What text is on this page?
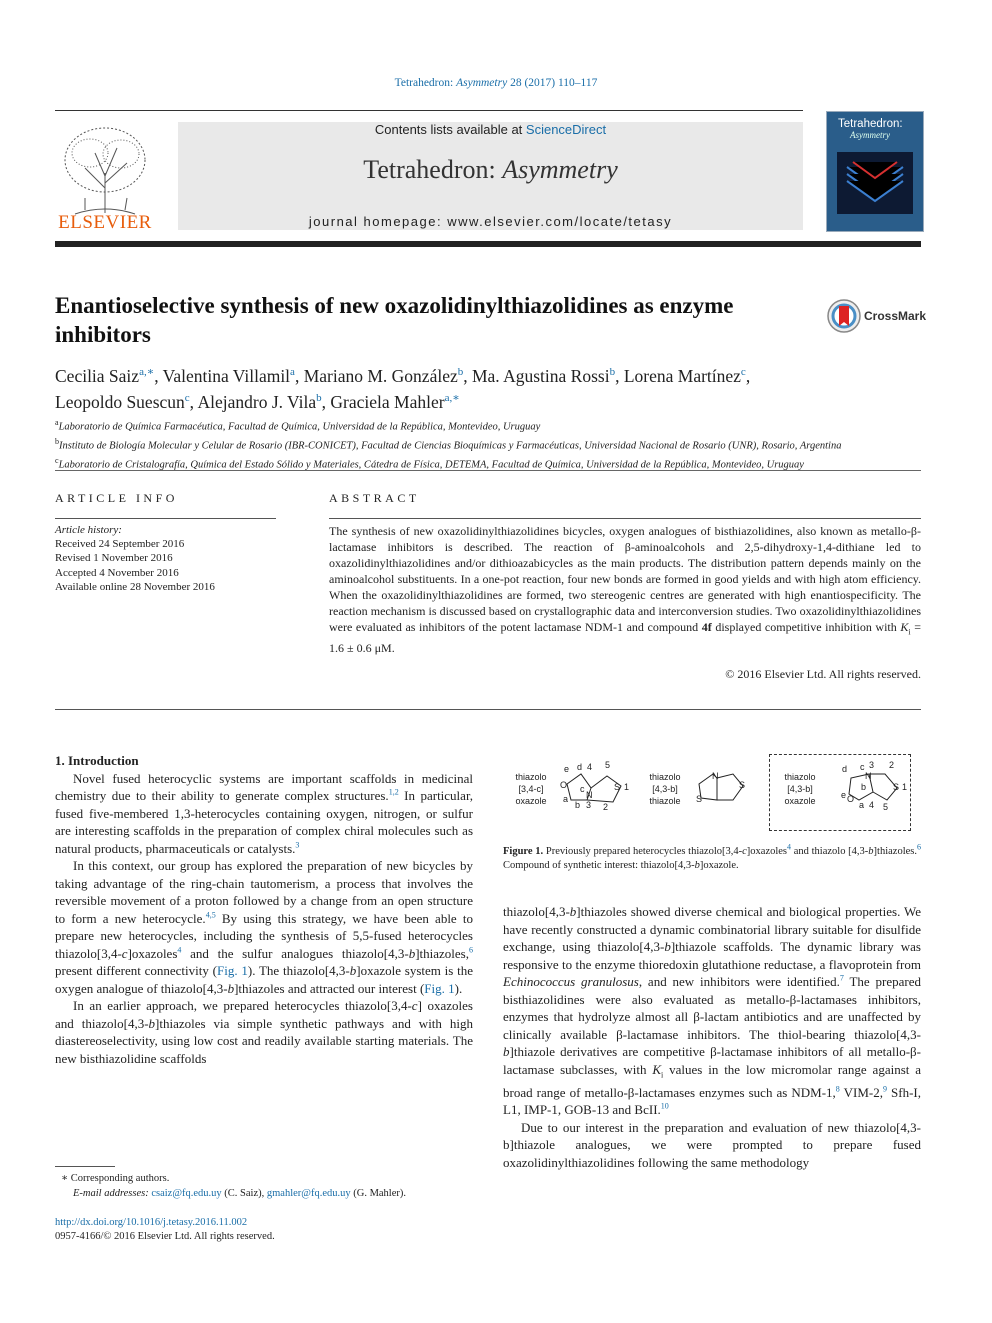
Tetrahedron: Asymmetry 28 (2017) 110–117
ELSEVIER
Contents lists available at ScienceDirect
Tetrahedron: Asymmetry
journal homepage: www.elsevier.com/locate/tetasy
Tetrahedron:
Asymmetry
Enantioselective synthesis of new oxazolidinylthiazolidines as enzyme inhibitors
CrossMark
Cecilia Saiz$^{a,∗}$, Valentina Villamil$^a$, Mariano M. González$^b$, Ma. Agustina Rossi$^b$, Lorena Martínez$^c$,
Leopoldo Suescun$^c$, Alejandro J. Vila$^b$, Graciela Mahler$^{a,∗}$
$^a$Laboratorio de Química Farmacéutica, Facultad de Química, Universidad de la República, Montevideo, Uruguay
$^b$Instituto de Biología Molecular y Celular de Rosario (IBR-CONICET), Facultad de Ciencias Bioquímicas y Farmacéuticas, Universidad Nacional de Rosario (UNR), Rosario, Argentina
$^c$Laboratorio de Cristalografía, Química del Estado Sólido y Materiales, Cátedra de Física, DETEMA, Facultad de Química, Universidad de la República, Montevideo, Uruguay
ARTICLE INFO	ABSTRACT
Article history:
Received 24 September 2016
Revised 1 November 2016
Accepted 4 November 2016
Available online 28 November 2016
The synthesis of new oxazolidinylthiazolidines bicycles, oxygen analogues of bisthiazolidines, also known as metallo-β-lactamase inhibitors is described. The reaction of β-aminoalcohols and 2,5-dihydroxy-1,4-dithiane led to oxazolidinylthiazolidines and/or dithioazabicycles as the main products. The distribution pattern depends mainly on the aminoalcohol substituents. In a one-pot reaction, four new bonds are formed in good yields and with high atom efficiency. When the oxazolidinylthiazolidines are formed, two stereogenic centres are generated with high enantiospecificity. The reaction mechanism is discussed based on crystallographic data and interconversion studies. Two oxazolidinylthiazolidines were evaluated as inhibitors of the potent lactamase NDM-1 and compound 4f displayed competitive inhibition with $K_i = 1.6 \pm 0.6$ μM.
© 2016 Elsevier Ltd. All rights reserved.

1. Introduction

Novel fused heterocyclic systems are important scaffolds in medicinal chemistry due to their ability to generate complex structures.$^{1,2}$ In particular, fused five-membered 1,3-heterocycles containing oxygen, nitrogen, or sulfur are interesting scaffolds in the preparation of complex chiral molecules such as natural products, pharmaceuticals or catalysts.$^3$

In this context, our group has explored the preparation of new bicycles by taking advantage of the ring-chain tautomerism, a process that involves the reversible movement of a proton followed by a change from an open structure to form a new heterocycle.$^{4,5}$ By using this strategy, we have been able to prepare new heterocycles, including the synthesis of 5,5-fused heterocycles thiazolo[3,4-c]oxazoles$^4$ and the sulfur analogues thiazolo[4,3-b]thiazoles,$^6$ present different connectivity (Fig. 1). The thiazolo[4,3-b]oxazole system is the oxygen analogue of thiazolo[4,3-b]thiazoles and attracted our interest (Fig. 1).

In an earlier approach, we prepared heterocycles thiazolo[3,4-c] oxazoles and thiazolo[4,3-b]thiazoles via simple synthetic pathways and with high diastereoselectivity, using low cost and readily available starting materials. The new bisthiazolidine scaffolds

thiazolo
[3,4-c]
oxazole
O	S
N
e d 4 5
c
a
b 3 2
1
thiazolo
[4,3-b]
thiazole
N
S
S
thiazolo
[4,3-b]
oxazole
N
O
S
d c 3 2
b
e
a 4 5
1
Figure 1. Previously prepared heterocycles thiazolo[3,4-c]oxazoles$^4$ and thiazolo [4,3-b]thiazoles.$^6$ Compound of synthetic interest: thiazolo[4,3-b]oxazole.

thiazolo[4,3-b]thiazoles showed diverse chemical and biological properties. We have recently constructed a dynamic combinatorial library suitable for disulfide exchange, using thiazolo[4,3-b]thiazole scaffolds. The dynamic library was responsive to the enzyme thioredoxin glutathione reductase, a flavoprotein from Echinococcus granulosus, and new inhibitors were identified.$^7$ The prepared bisthiazolidines were also evaluated as metallo-β-lactamases inhibitors, enzymes that hydrolyze almost all β-lactam antibiotics and are unaffected by clinically available β-lactamase inhibitors. The thiol-bearing thiazolo[4,3-b]thiazole derivatives are competitive β-lactamase inhibitors of all metallo-β-lactamase subclasses, with $K_i$ values in the low micromolar range against a broad range of metallo-β-lactamases enzymes such as NDM-1,$^8$ VIM-2,$^9$ Sfh-I, L1, IMP-1, GOB-13 and BcII.$^{10}$

Due to our interest in the preparation and evaluation of new thiazolo[4,3-b]thiazole analogues, we were prompted to prepare fused oxazolidinylthiazolidines following the same methodology

∗ Corresponding authors.
E-mail addresses: csaiz@fq.edu.uy (C. Saiz), gmahler@fq.edu.uy (G. Mahler).
http://dx.doi.org/10.1016/j.tetasy.2016.11.002
0957-4166/© 2016 Elsevier Ltd. All rights reserved.
